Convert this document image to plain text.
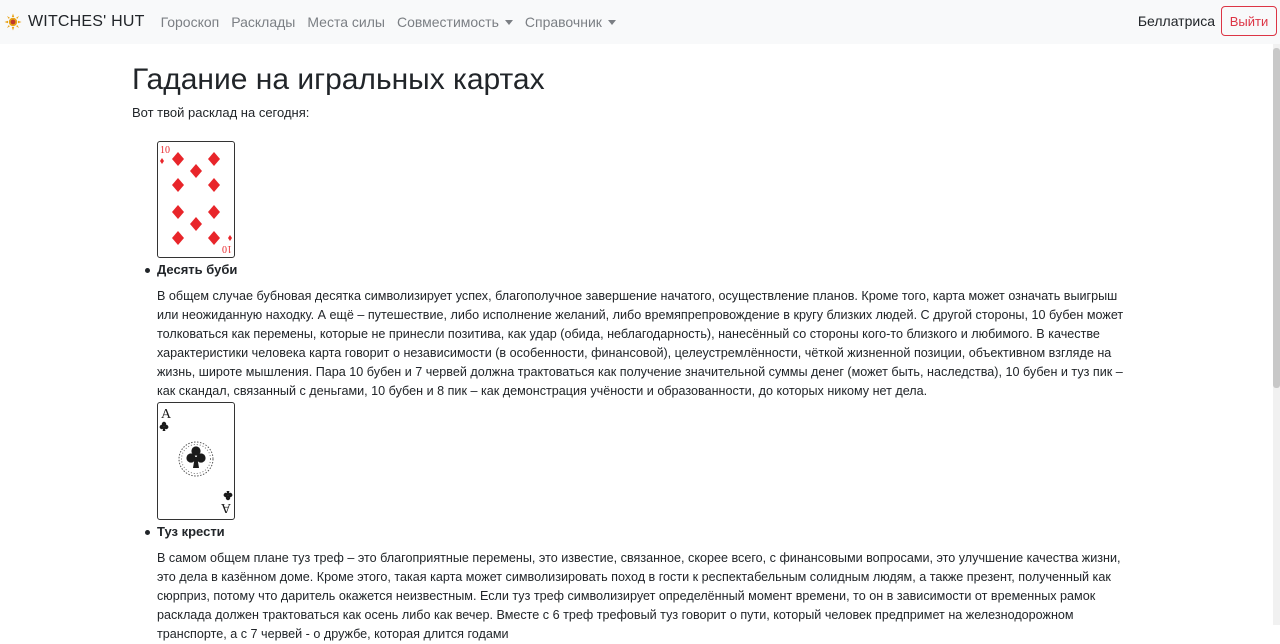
WITCHES' HUT Гороскоп Расклады Места силы Совместимость Справочник	Беллатриса	Выйти
Гадание на игральных картах

Вот твой расклад на сегодня:

10
10
Десять буби

В общем случае бубновая десятка символизирует успех, благополучное завершение начатого, осуществление планов. Кроме того, карта может означать выигрыш или неожиданную находку. А ещё – путешествие, либо исполнение желаний, либо времяпрепровождение в кругу близких людей. С другой стороны, 10 бубен может толковаться как перемены, которые не принесли позитива, как удар (обида, неблагодарность), нанесённый со стороны кого-то близкого и любимого. В качестве характеристики человека карта говорит о независимости (в особенности, финансовой), целеустремлённости, чёткой жизненной позиции, объективном взгляде на жизнь, широте мышления. Пара 10 бубен и 7 червей должна трактоваться как получение значительной суммы денег (может быть, наследства), 10 бубен и туз пик – как скандал, связанный с деньгами, 10 бубен и 8 пик – как демонстрация учёности и образованности, до которых никому нет дела.

A
A
Туз крести

В самом общем плане туз треф – это благоприятные перемены, это известие, связанное, скорее всего, с финансовыми вопросами, это улучшение качества жизни, это дела в казённом доме. Кроме этого, такая карта может символизировать поход в гости к респектабельным солидным людям, а также презент, полученный как сюрприз, потому что даритель окажется неизвестным. Если туз треф символизирует определённый момент времени, то он в зависимости от временных рамок расклада должен трактоваться как осень либо как вечер. Вместе с 6 треф трефовый туз говорит о пути, который человек предпримет на железнодорожном транспорте, а с 7 червей - о дружбе, которая длится годами
